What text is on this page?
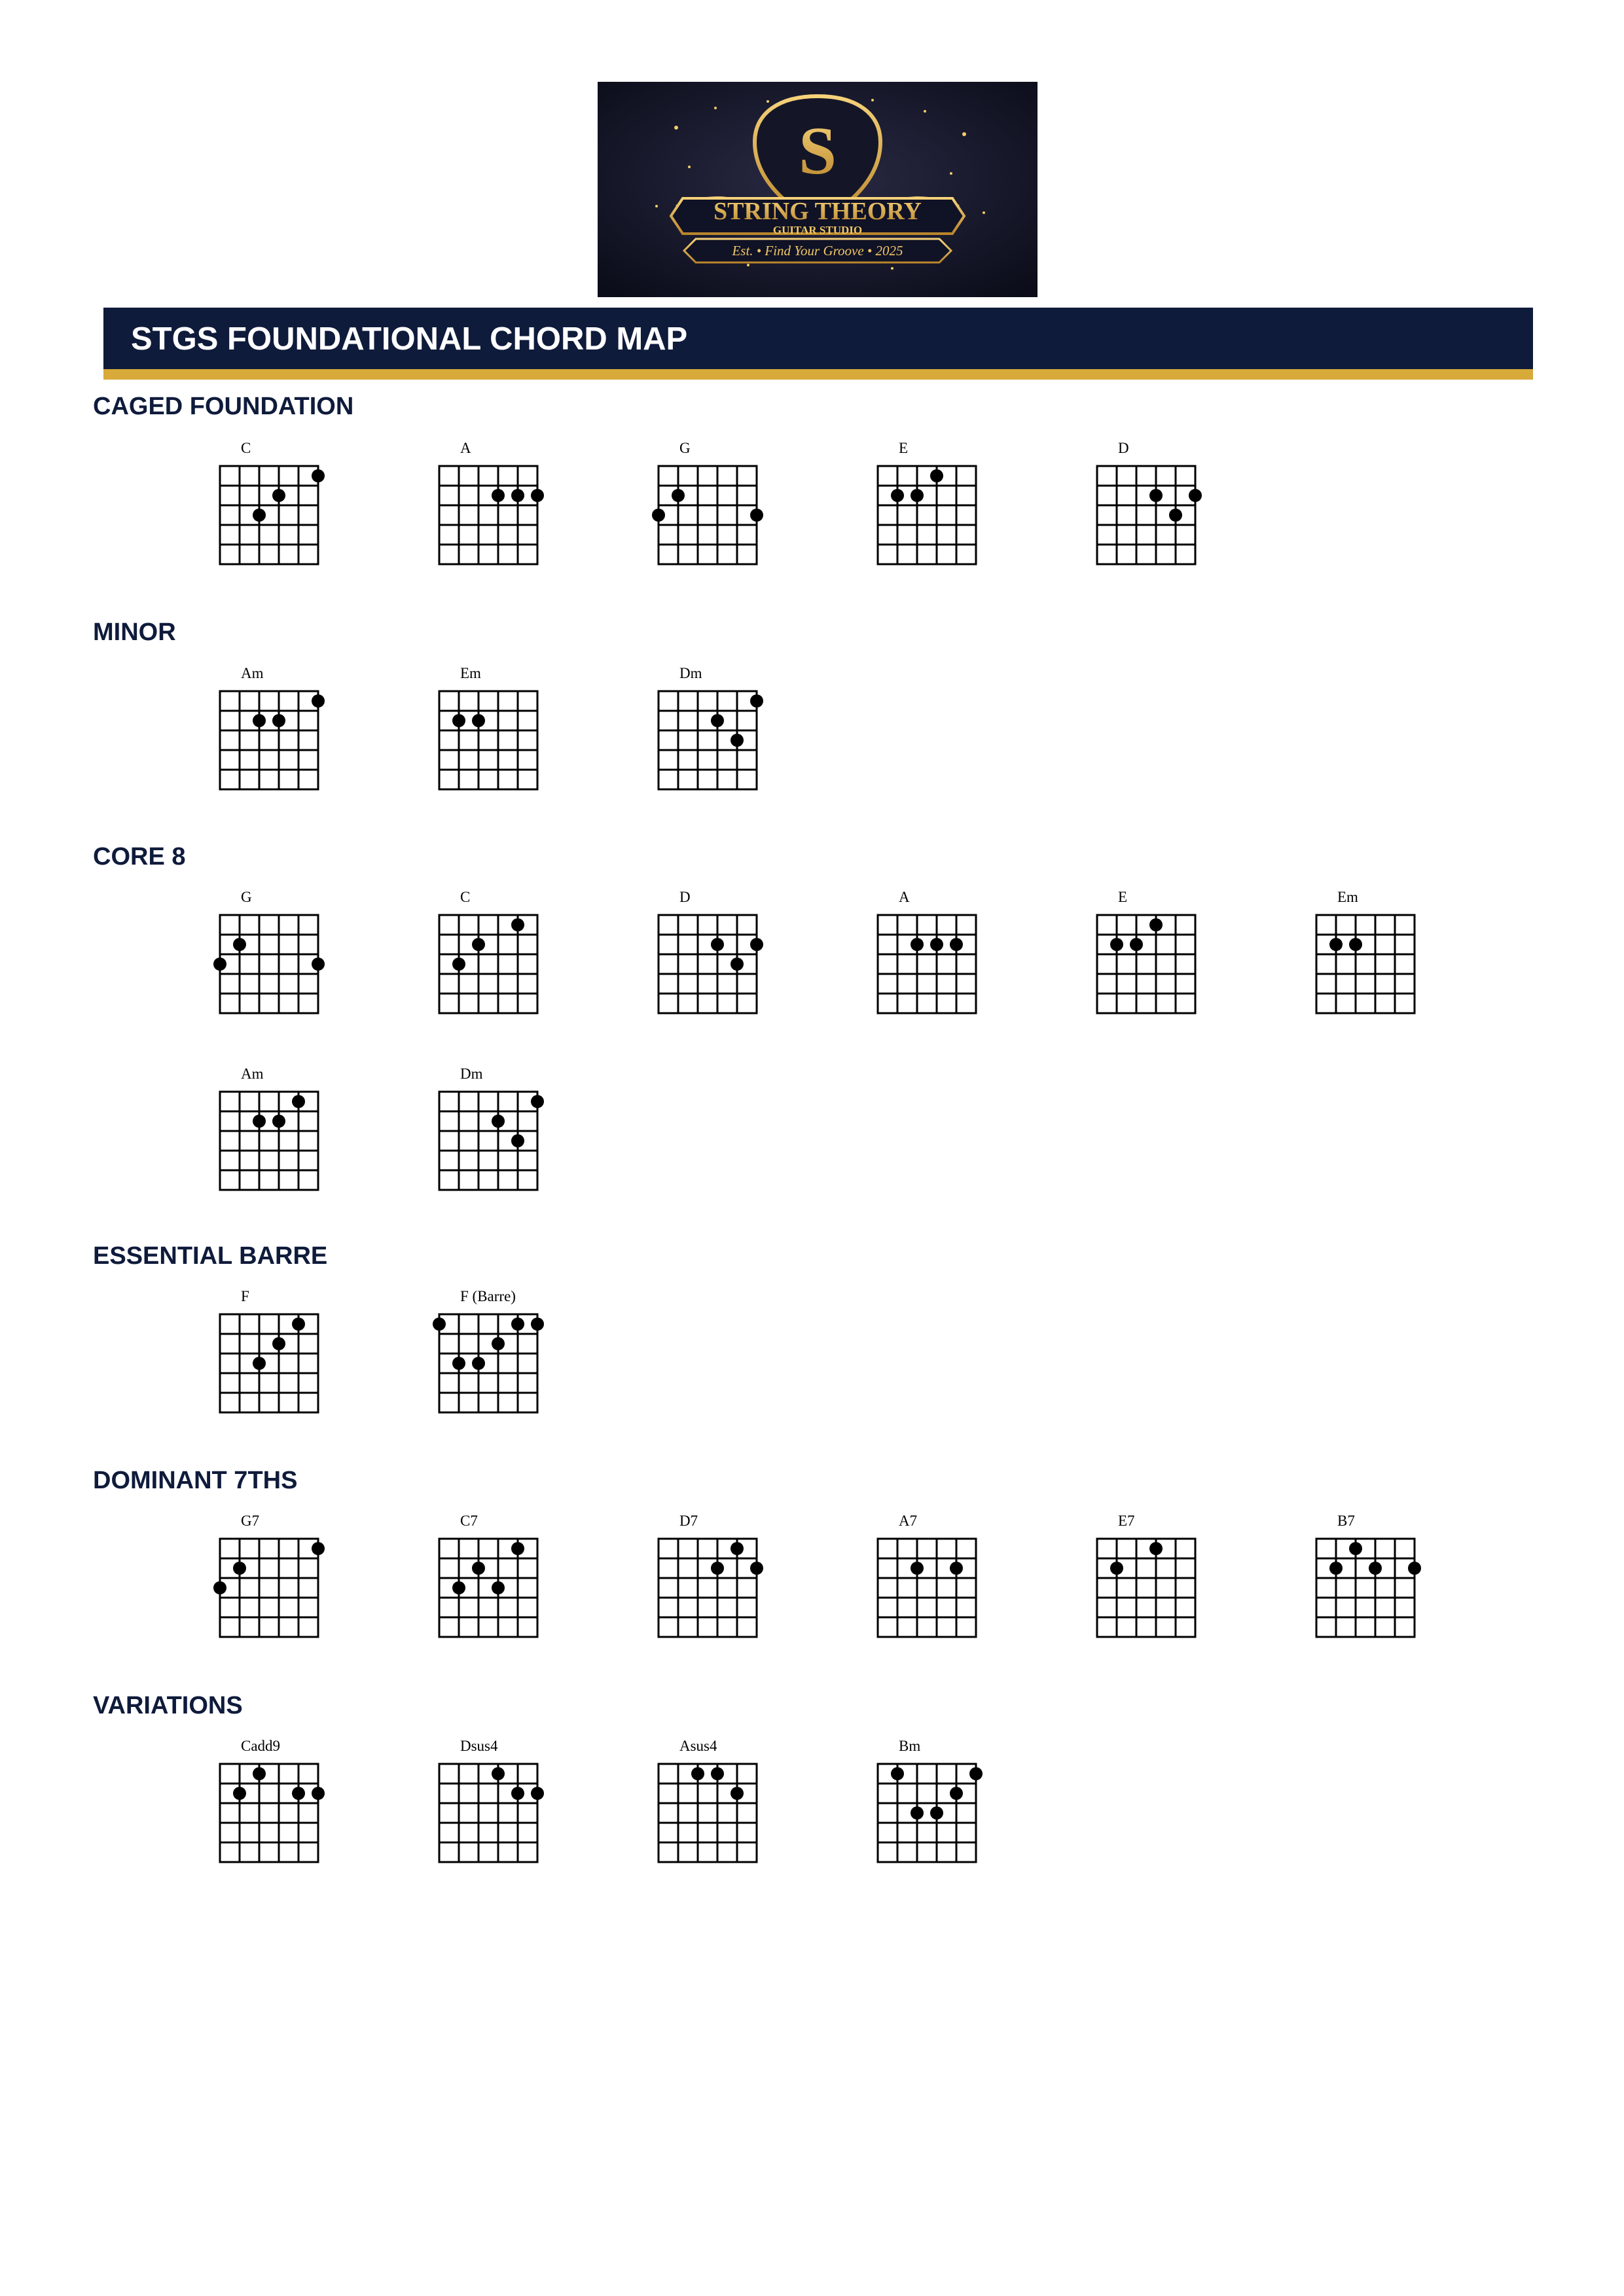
S
STRING THEORY
GUITAR STUDIO
Est. • Find Your Groove • 2025
STGS FOUNDATIONAL CHORD MAP
CAGED FOUNDATION
C	A	G	E	D
MINOR
Am	Em	Dm
CORE 8
G	C	D	A	E	Em
Am	Dm
ESSENTIAL BARRE
F	F (Barre)
DOMINANT 7THS
G7	C7	D7	A7	E7	B7
VARIATIONS
Cadd9	Dsus4	Asus4	Bm
